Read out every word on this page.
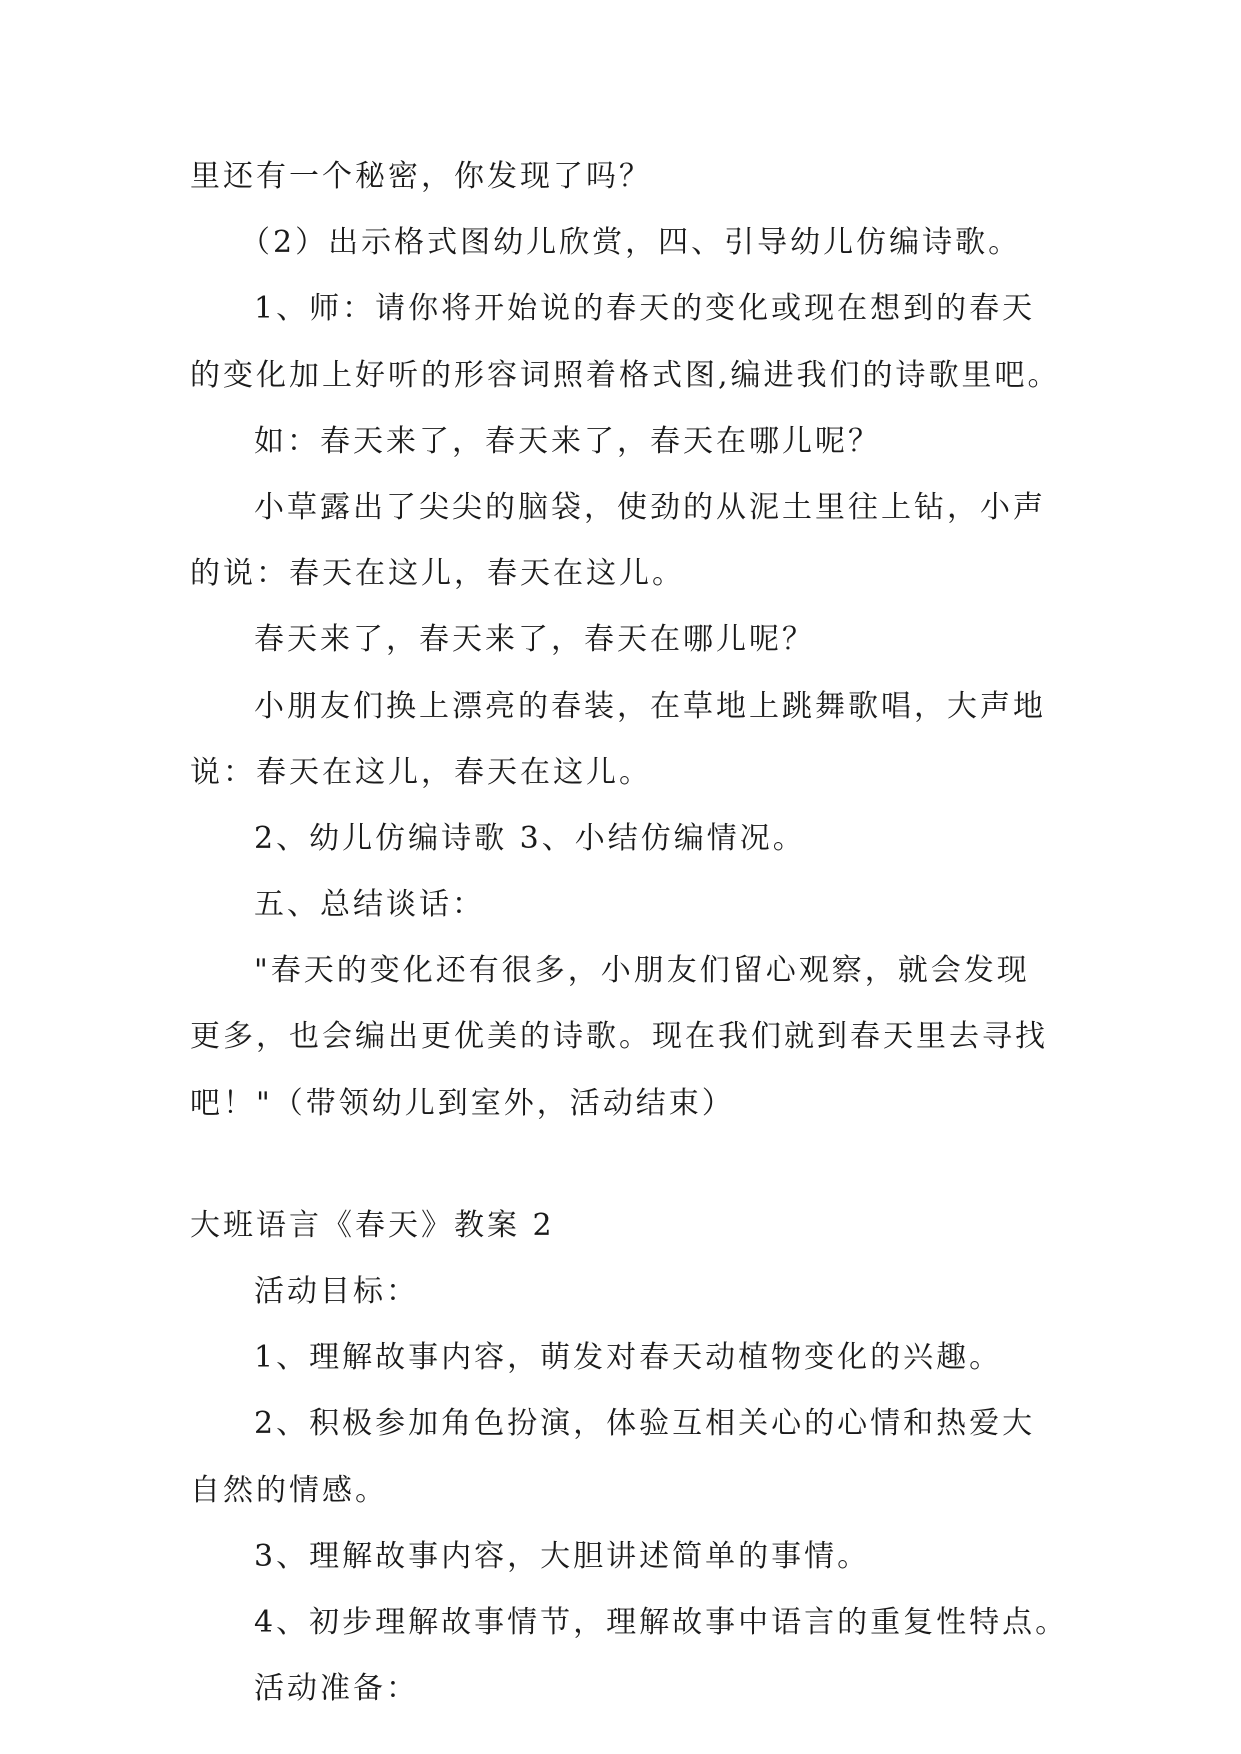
里还有一个秘密，你发现了吗？

（2）出示格式图幼儿欣赏，四、引导幼儿仿编诗歌。

1、师：请你将开始说的春天的变化或现在想到的春天

的变化加上好听的形容词照着格式图,编进我们的诗歌里吧。

如：春天来了，春天来了，春天在哪儿呢？

小草露出了尖尖的脑袋，使劲的从泥土里往上钻，小声

的说：春天在这儿，春天在这儿。

春天来了，春天来了，春天在哪儿呢？

小朋友们换上漂亮的春装，在草地上跳舞歌唱，大声地

说：春天在这儿，春天在这儿。

2、幼儿仿编诗歌 3、小结仿编情况。

五、总结谈话：

"春天的变化还有很多，小朋友们留心观察，就会发现

更多，也会编出更优美的诗歌。现在我们就到春天里去寻找

吧！"（带领幼儿到室外，活动结束）

大班语言《春天》教案 2

活动目标：

1、理解故事内容，萌发对春天动植物变化的兴趣。

2、积极参加角色扮演，体验互相关心的心情和热爱大

自然的情感。

3、理解故事内容，大胆讲述简单的事情。

4、初步理解故事情节，理解故事中语言的重复性特点。

活动准备：
